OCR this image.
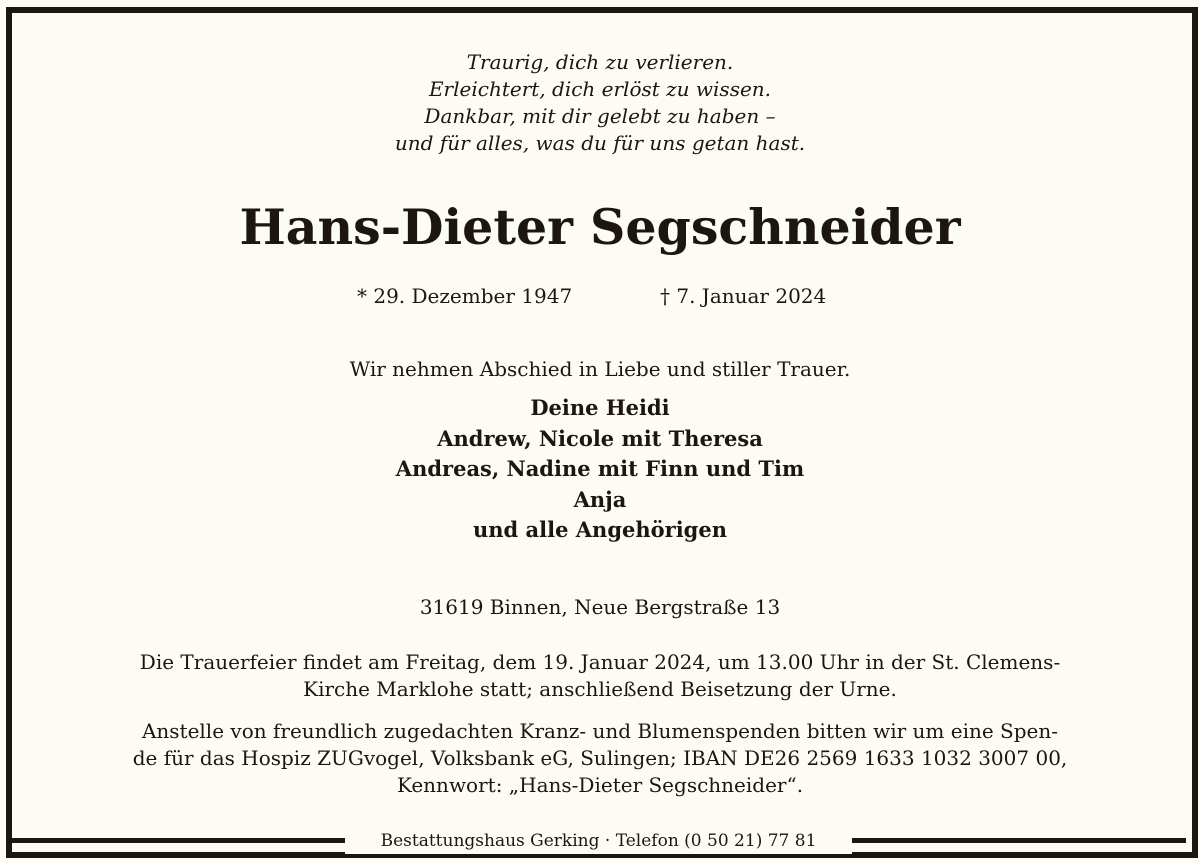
Traurig, dich zu verlieren.
Erleichtert, dich erlöst zu wissen.
Dankbar, mit dir gelebt zu haben –
und für alles, was du für uns getan hast.
Hans-Dieter Segschneider
* 29. Dezember 1947	† 7. Januar 2024
Wir nehmen Abschied in Liebe und stiller Trauer.
Deine Heidi
Andrew, Nicole mit Theresa
Andreas, Nadine mit Finn und Tim
Anja
und alle Angehörigen
31619 Binnen, Neue Bergstraße 13
Die Trauerfeier findet am Freitag, dem 19. Januar 2024, um 13.00 Uhr in der St. Clemens-
Kirche Marklohe statt; anschließend Beisetzung der Urne.
Anstelle von freundlich zugedachten Kranz- und Blumenspenden bitten wir um eine Spen-
de für das Hospiz ZUGvogel, Volksbank eG, Sulingen; IBAN DE26 2569 1633 1032 3007 00,
Kennwort: „Hans-Dieter Segschneider“.
Bestattungshaus Gerking · Telefon (0 50 21) 77 81
